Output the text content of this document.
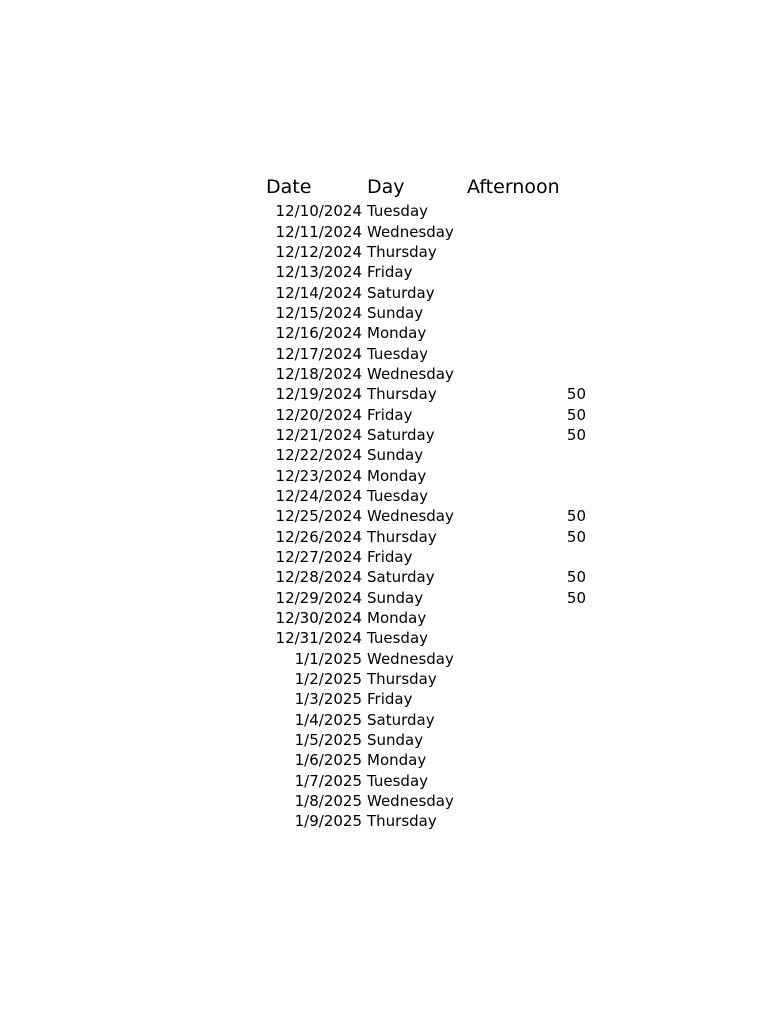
Date	Day	Afternoon
12/10/2024 Tuesday
12/11/2024 Wednesday
12/12/2024 Thursday
12/13/2024 Friday
12/14/2024 Saturday
12/15/2024 Sunday
12/16/2024 Monday
12/17/2024 Tuesday
12/18/2024 Wednesday
12/19/2024 Thursday	50
12/20/2024 Friday	50
12/21/2024 Saturday	50
12/22/2024 Sunday
12/23/2024 Monday
12/24/2024 Tuesday
12/25/2024 Wednesday	50
12/26/2024 Thursday	50
12/27/2024 Friday
12/28/2024 Saturday	50
12/29/2024 Sunday	50
12/30/2024 Monday
12/31/2024 Tuesday
1/1/2025 Wednesday
1/2/2025 Thursday
1/3/2025 Friday
1/4/2025 Saturday
1/5/2025 Sunday
1/6/2025 Monday
1/7/2025 Tuesday
1/8/2025 Wednesday
1/9/2025 Thursday
